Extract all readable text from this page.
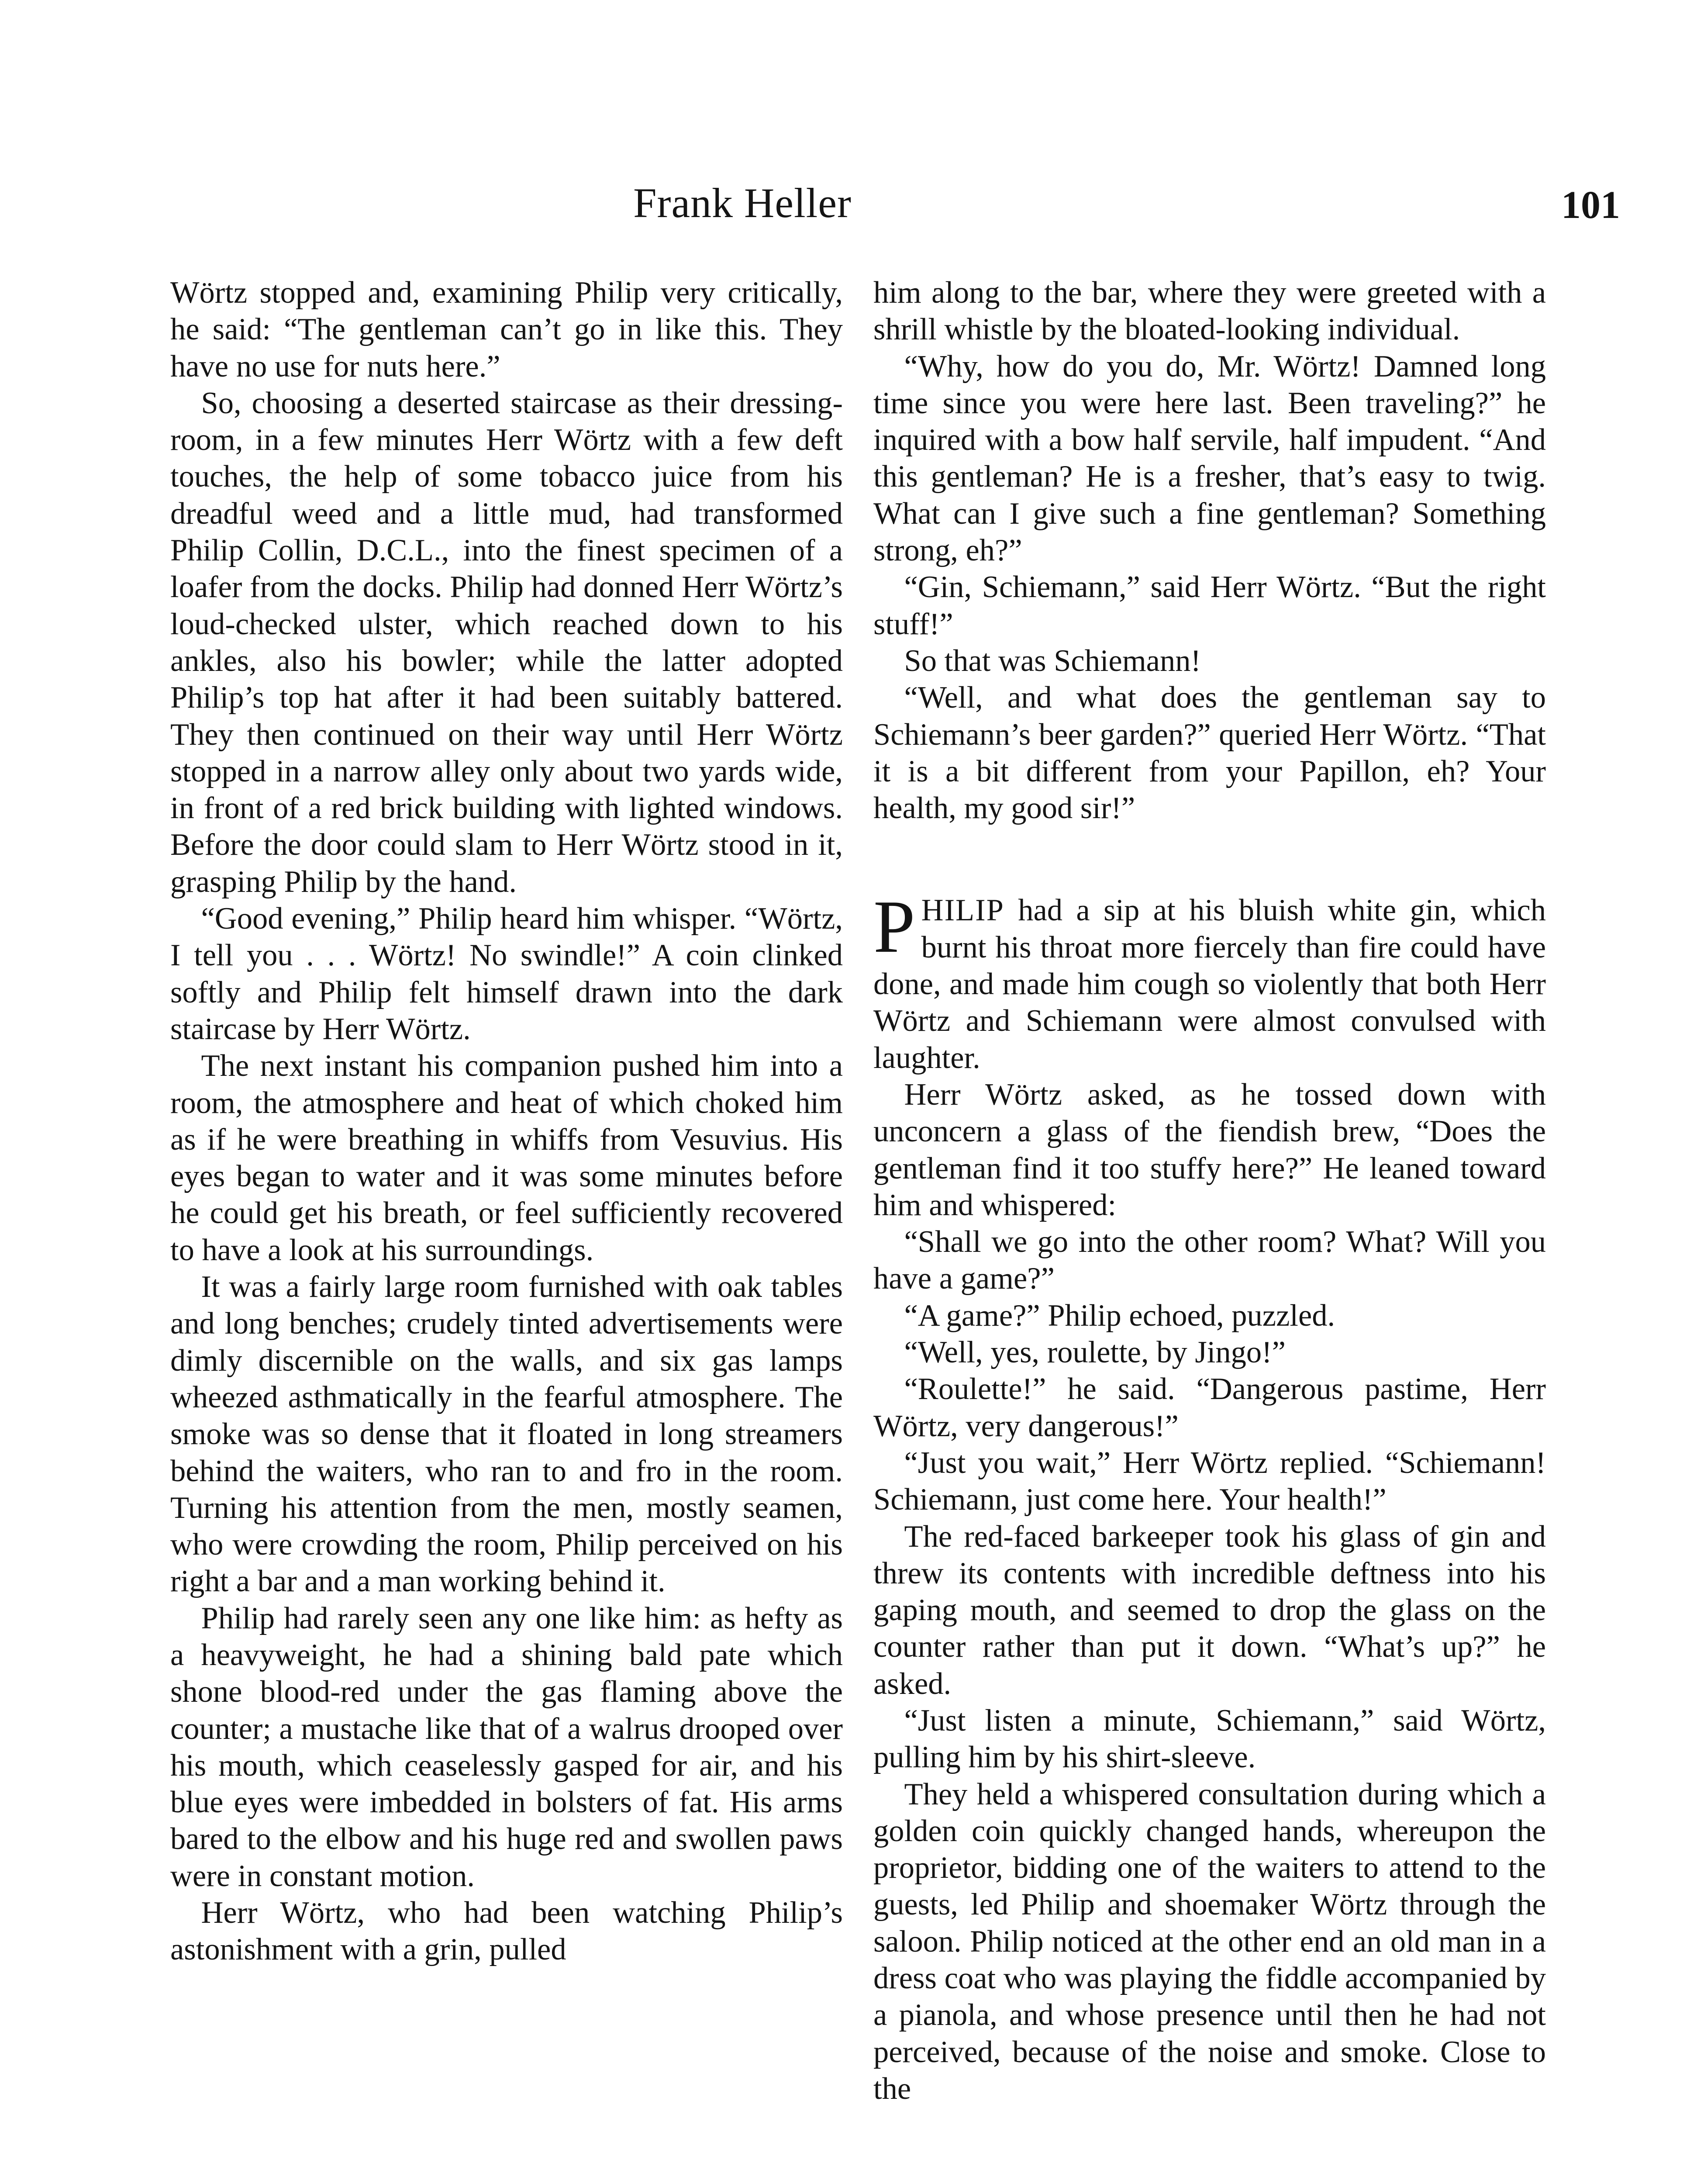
Frank Heller	101

Wörtz stopped and, examining Philip very critically, he said: “The gentleman can’t go in like this. They have no use for nuts here.”

So, choosing a deserted staircase as their dressing-room, in a few minutes Herr Wörtz with a few deft touches, the help of some tobacco juice from his dreadful weed and a little mud, had transformed Philip Collin, D.C.L., into the finest specimen of a loafer from the docks. Philip had donned Herr Wörtz’s loud-checked ulster, which reached down to his ankles, also his bowler; while the latter adopted Philip’s top hat after it had been suitably battered. They then continued on their way until Herr Wörtz stopped in a narrow alley only about two yards wide, in front of a red brick building with lighted windows. Before the door could slam to Herr Wörtz stood in it, grasping Philip by the hand.

“Good evening,” Philip heard him whisper. “Wörtz, I tell you . . . Wörtz! No swindle!” A coin clinked softly and Philip felt himself drawn into the dark staircase by Herr Wörtz.

The next instant his companion pushed him into a room, the atmosphere and heat of which choked him as if he were breathing in whiffs from Vesuvius. His eyes began to water and it was some minutes before he could get his breath, or feel sufficiently recovered to have a look at his surroundings.

It was a fairly large room furnished with oak tables and long benches; crudely tinted advertisements were dimly discernible on the walls, and six gas lamps wheezed asthmatically in the fearful atmosphere. The smoke was so dense that it floated in long streamers behind the waiters, who ran to and fro in the room. Turning his attention from the men, mostly seamen, who were crowding the room, Philip perceived on his right a bar and a man working behind it.

Philip had rarely seen any one like him: as hefty as a heavyweight, he had a shining bald pate which shone blood-red under the gas flaming above the counter; a mustache like that of a walrus drooped over his mouth, which ceaselessly gasped for air, and his blue eyes were imbedded in bolsters of fat. His arms bared to the elbow and his huge red and swollen paws were in constant motion.

Herr Wörtz, who had been watching Philip’s astonishment with a grin, pulled

him along to the bar, where they were greeted with a shrill whistle by the bloated-looking individual.

“Why, how do you do, Mr. Wörtz! Damned long time since you were here last. Been traveling?” he inquired with a bow half servile, half impudent. “And this gentleman? He is a fresher, that’s easy to twig. What can I give such a fine gentleman? Something strong, eh?”

“Gin, Schiemann,” said Herr Wörtz. “But the right stuff!”

So that was Schiemann!

“Well, and what does the gentleman say to Schiemann’s beer garden?” queried Herr Wörtz. “That it is a bit different from your Papillon, eh? Your health, my good sir!”

PHILIP had a sip at his bluish white gin, which burnt his throat more fiercely than fire could have done, and made him cough so violently that both Herr Wörtz and Schiemann were almost convulsed with laughter.

Herr Wörtz asked, as he tossed down with unconcern a glass of the fiendish brew, “Does the gentleman find it too stuffy here?” He leaned toward him and whispered:

“Shall we go into the other room? What? Will you have a game?”

“A game?” Philip echoed, puzzled.

“Well, yes, roulette, by Jingo!”

“Roulette!” he said. “Dangerous pastime, Herr Wörtz, very dangerous!”

“Just you wait,” Herr Wörtz replied. “Schiemann! Schiemann, just come here. Your health!”

The red-faced barkeeper took his glass of gin and threw its contents with incredible deftness into his gaping mouth, and seemed to drop the glass on the counter rather than put it down. “What’s up?” he asked.

“Just listen a minute, Schiemann,” said Wörtz, pulling him by his shirt-sleeve.

They held a whispered consultation during which a golden coin quickly changed hands, whereupon the proprietor, bidding one of the waiters to attend to the guests, led Philip and shoemaker Wörtz through the saloon. Philip noticed at the other end an old man in a dress coat who was playing the fiddle accompanied by a pianola, and whose presence until then he had not perceived, because of the noise and smoke. Close to the
